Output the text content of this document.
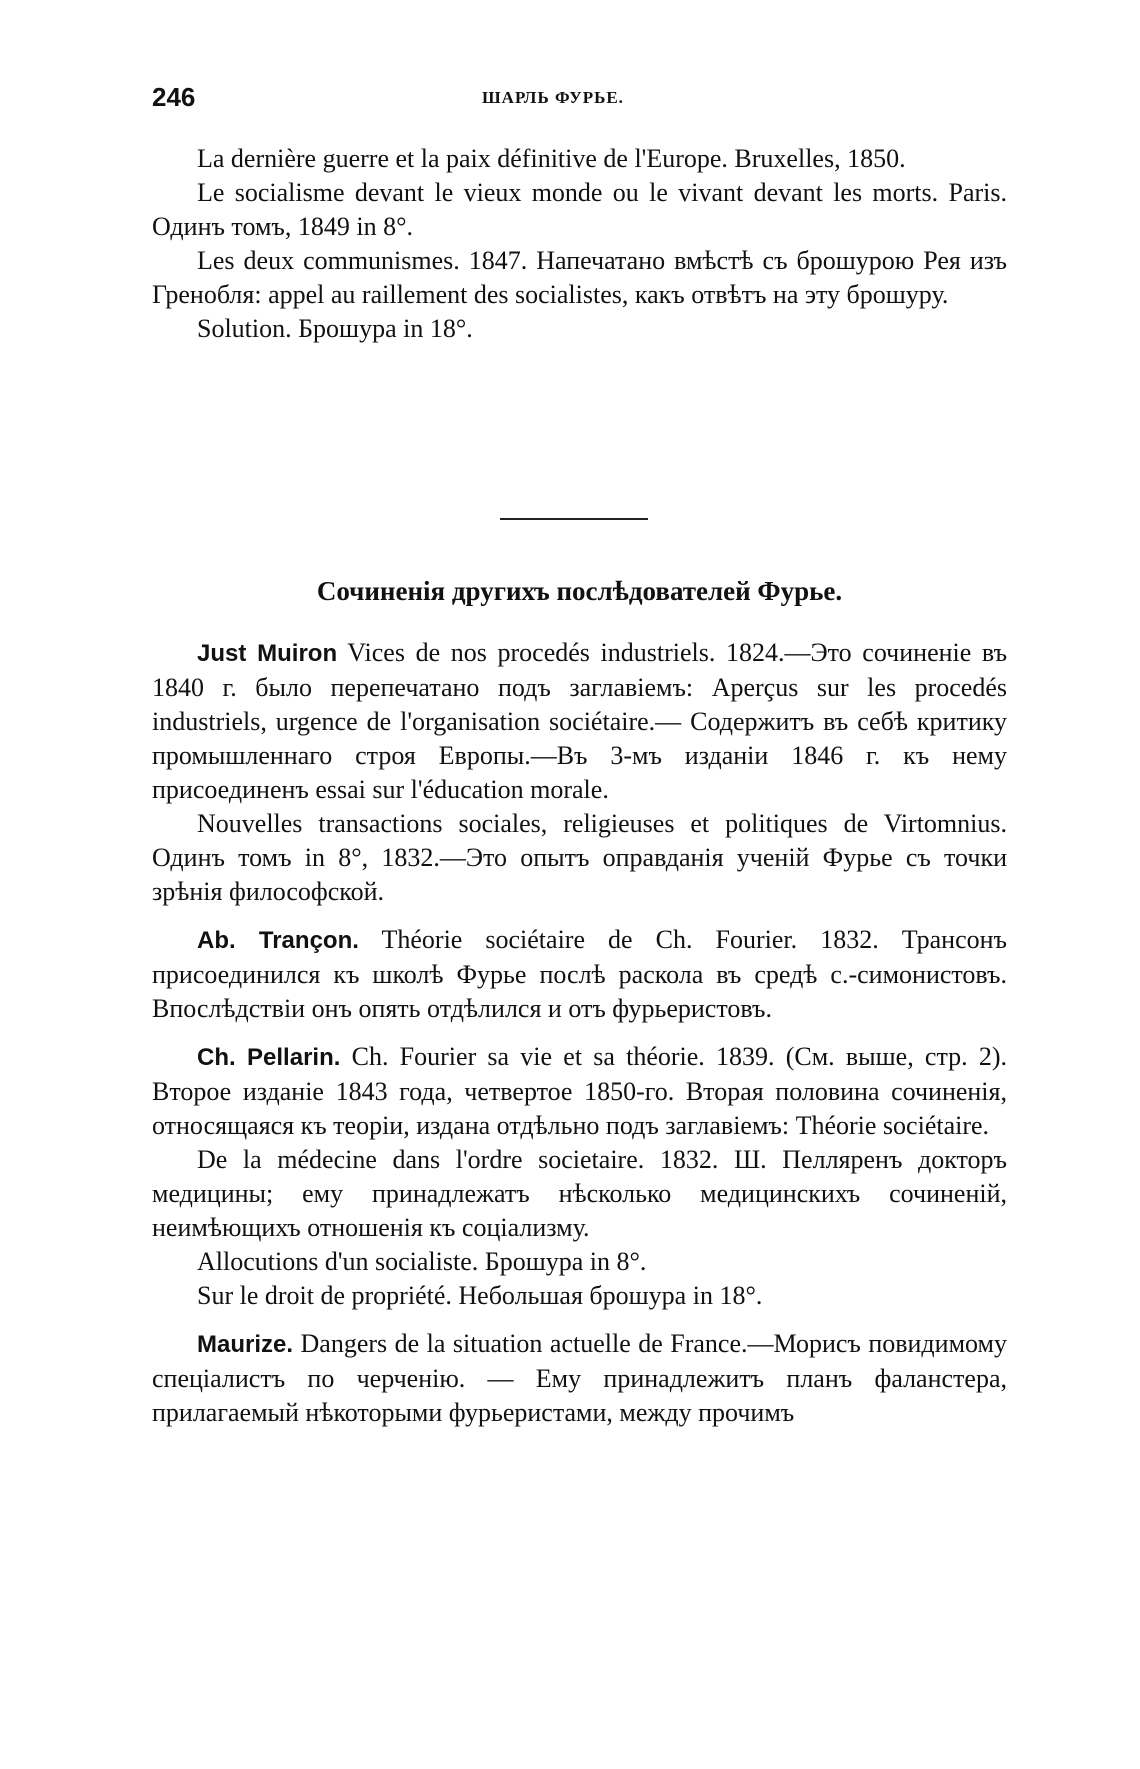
246	ШАРЛЬ ФУРЬЕ.

La dernière guerre et la paix définitive de l'Europe. Bruxelles, 1850.

Le socialisme devant le vieux monde ou le vivant devant les morts. Paris. Одинъ томъ, 1849 in 8°.

Les deux communismes. 1847. Напечатано вмѣстѣ съ брошурою Рея изъ Гренобля: appel au raillement des socialistes, какъ отвѣтъ на эту брошуру.

Solution. Брошура in 18°.

Сочиненія другихъ послѣдователей Фурье.

Just Muiron Vices de nos procedés industriels. 1824.—Это сочиненіе въ 1840 г. было перепечатано подъ заглавіемъ: Aperçus sur les procedés industriels, urgence de l'organisation sociétaire.— Содержитъ въ себѣ критику промышленнаго строя Европы.—Въ 3-мъ изданіи 1846 г. къ нему присоединенъ essai sur l'éducation morale.

Nouvelles transactions sociales, religieuses et politiques de Virtomnius. Одинъ томъ in 8°, 1832.—Это опытъ оправданія ученій Фурье съ точки зрѣнія философской.

Ab. Trançon. Théorie sociétaire de Ch. Fourier. 1832. Трансонъ присоединился къ школѣ Фурье послѣ раскола въ средѣ с.-симонистовъ. Впослѣдствіи онъ опять отдѣлился и отъ фурьеристовъ.

Ch. Pellarin. Ch. Fourier sa vie et sa théorie. 1839. (См. выше, стр. 2). Второе изданіе 1843 года, четвертое 1850-го. Вторая половина сочиненія, относящаяся къ теоріи, издана отдѣльно подъ заглавіемъ: Théorie sociétaire.

De la médecine dans l'ordre societaire. 1832. Ш. Пелляренъ докторъ медицины; ему принадлежатъ нѣсколько медицинскихъ сочиненій, неимѣющихъ отношенія къ соціализму.

Allocutions d'un socialiste. Брошура in 8°.

Sur le droit de propriété. Небольшая брошура in 18°.

Maurize. Dangers de la situation actuelle de France.—Морисъ повидимому спеціалистъ по черченію. — Ему принадлежитъ планъ фаланстера, прилагаемый нѣкоторыми фурьеристами, между прочимъ
